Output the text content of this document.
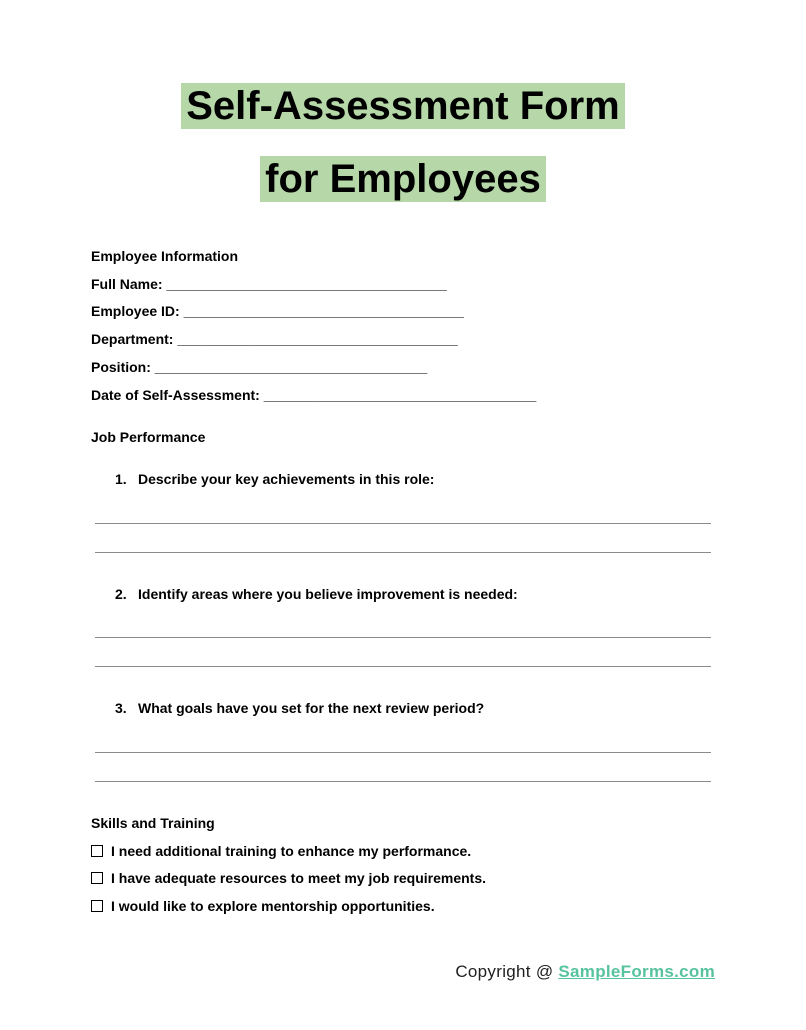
Self-Assessment Form
for Employees

Employee Information

Full Name: ____________________________________

Employee ID: ____________________________________

Department: ____________________________________

Position: ___________________________________

Date of Self-Assessment: ___________________________________

Job Performance

1. Describe your key achievements in this role:
2. Identify areas where you believe improvement is needed:
3. What goals have you set for the next review period?

Skills and Training

I need additional training to enhance my performance.

I have adequate resources to meet my job requirements.

I would like to explore mentorship opportunities.

Copyright @ SampleForms.com
